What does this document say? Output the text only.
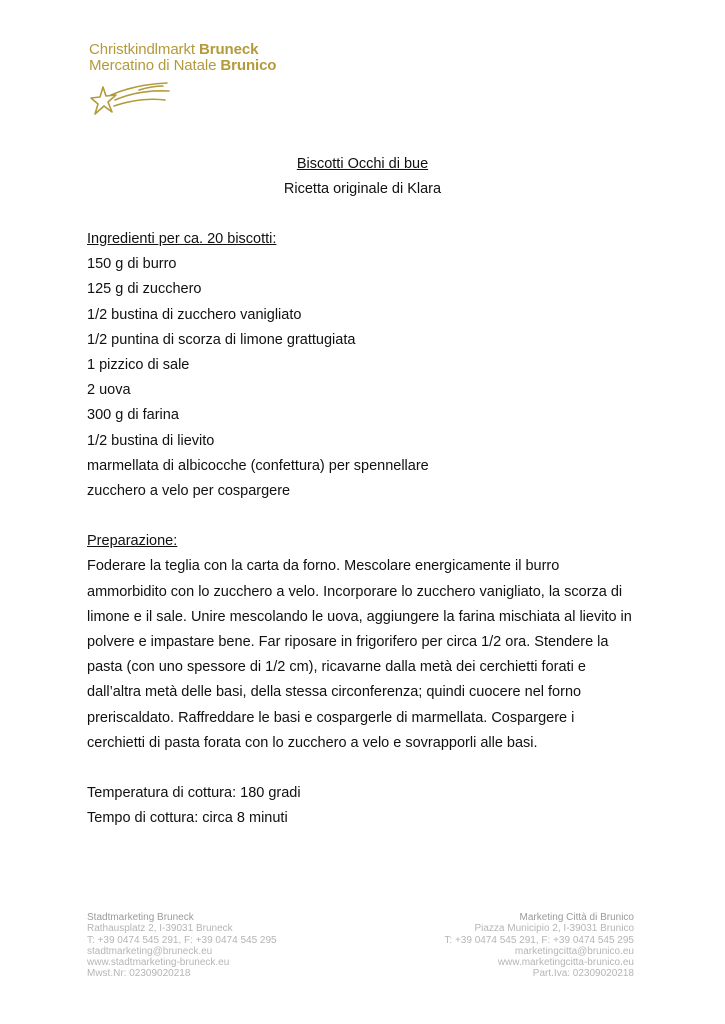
Christkindlmarkt Bruneck
Mercatino di Natale Brunico
Biscotti Occhi di bue
Ricetta originale di Klara
Ingredienti per ca. 20 biscotti:
150 g di burro
125 g di zucchero
1/2 bustina di zucchero vanigliato
1/2 puntina di scorza di limone grattugiata
1 pizzico di sale
2 uova
300 g di farina
1/2 bustina di lievito
marmellata di albicocche (confettura) per spennellare
zucchero a velo per cospargere
Preparazione:
Foderare la teglia con la carta da forno. Mescolare energicamente il burro
ammorbidito con lo zucchero a velo. Incorporare lo zucchero vanigliato, la scorza di
limone e il sale. Unire mescolando le uova, aggiungere la farina mischiata al lievito in
polvere e impastare bene. Far riposare in frigorifero per circa 1/2 ora. Stendere la
pasta (con uno spessore di 1/2 cm), ricavarne dalla metà dei cerchietti forati e
dall’altra metà delle basi, della stessa circonferenza; quindi cuocere nel forno
preriscaldato. Raffreddare le basi e cospargerle di marmellata. Cospargere i
cerchietti di pasta forata con lo zucchero a velo e sovrapporli alle basi.
Temperatura di cottura: 180 gradi
Tempo di cottura: circa 8 minuti
Stadtmarketing Bruneck
Rathausplatz 2, I-39031 Bruneck
T: +39 0474 545 291, F: +39 0474 545 295
stadtmarketing@bruneck.eu
www.stadtmarketing-bruneck.eu
Mwst.Nr: 02309020218
Marketing Città di Brunico
Piazza Municipio 2, I-39031 Brunico
T: +39 0474 545 291, F: +39 0474 545 295
marketingcitta@brunico.eu
www.marketingcitta-brunico.eu
Part.Iva: 02309020218
